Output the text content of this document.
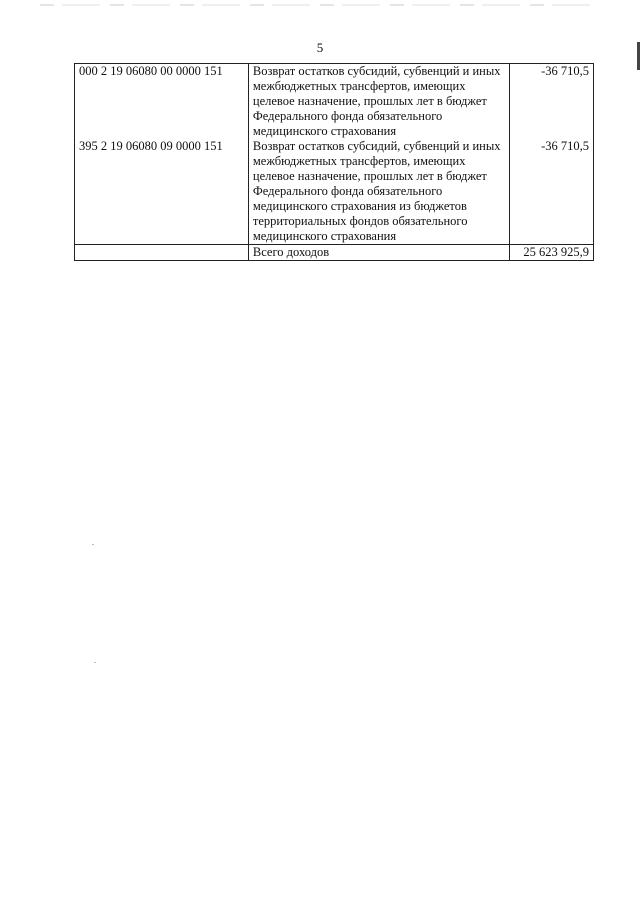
5
000 2 19 06080 00 0000 151	Возврат остатков субсидий, субвенций и иных межбюджетных трансфертов, имеющих целевое назначение, прошлых лет в бюджет Федерального фонда обязательного медицинского страхования	-36 710,5
395 2 19 06080 09 0000 151	Возврат остатков субсидий, субвенций и иных межбюджетных трансфертов, имеющих целевое назначение, прошлых лет в бюджет Федерального фонда обязательного медицинского страхования из бюджетов территориальных фондов обязательного медицинского страхования	-36 710,5
	Всего доходов	25 623 925,9
